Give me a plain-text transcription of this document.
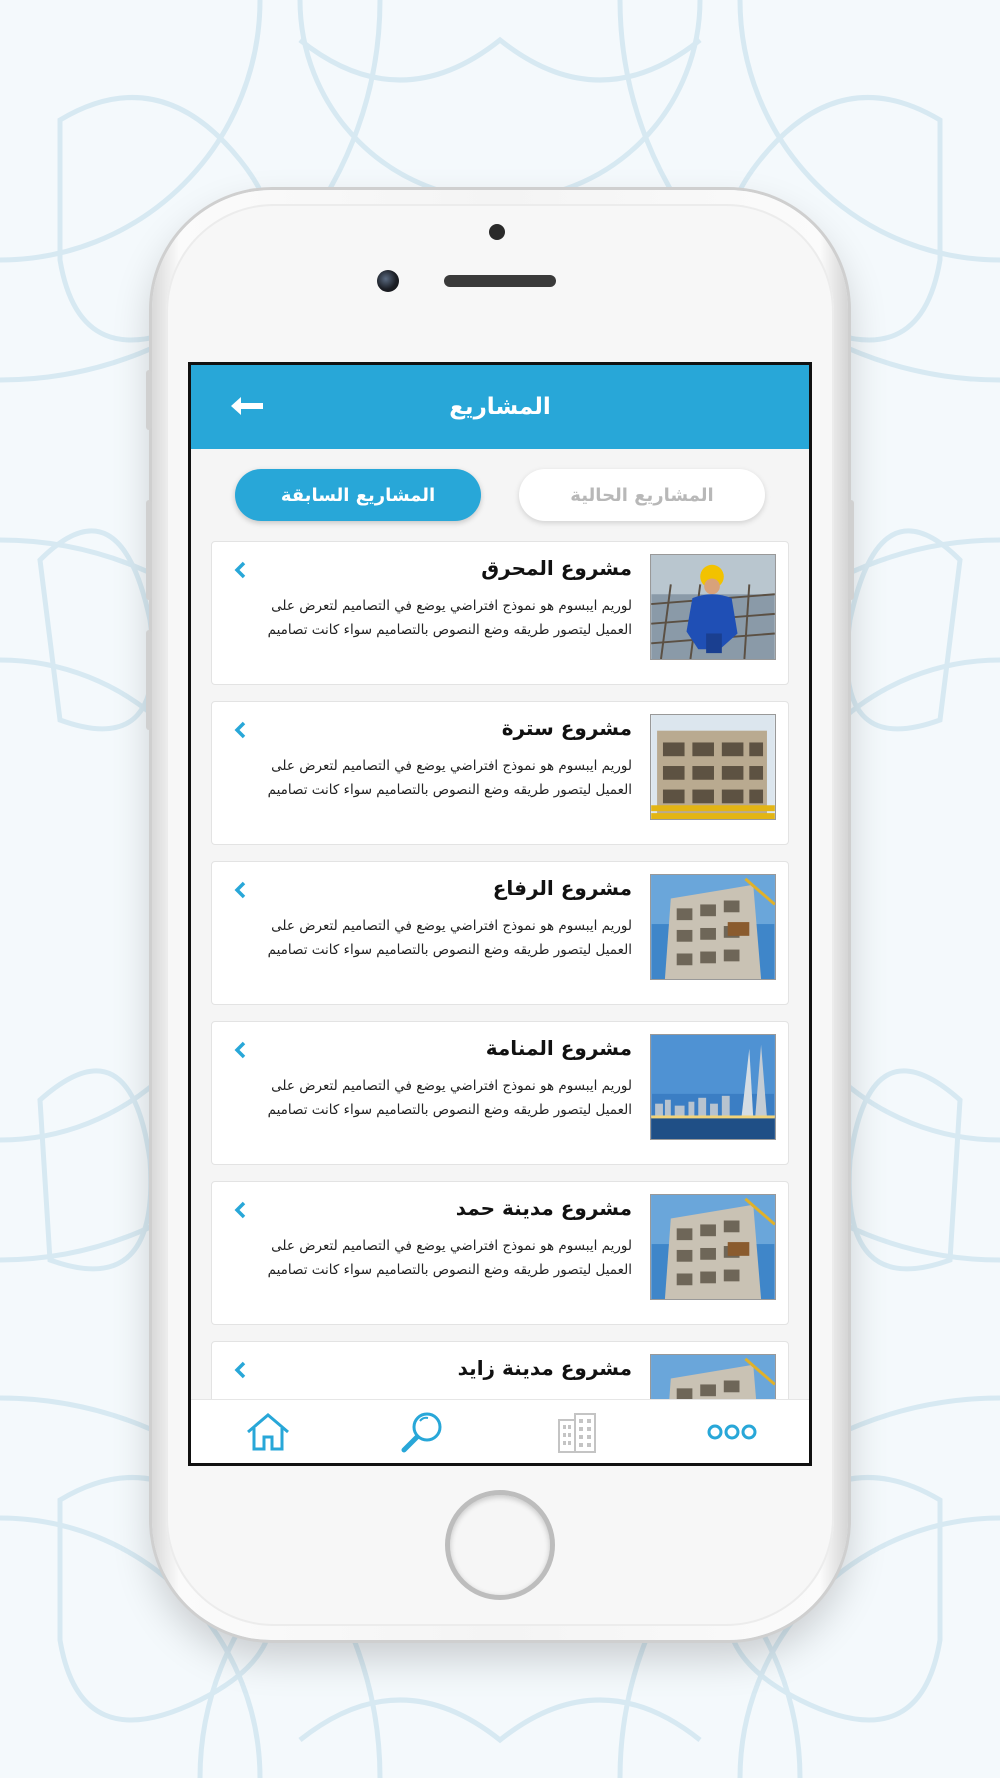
المشاريع
المشاريع الحالية
المشاريع السابقة
مشروع المحرق
لوريم ايبسوم هو نموذج افتراضي يوضع في التصاميم لتعرض على العميل ليتصور طريقه وضع النصوص بالتصاميم سواء كانت تصاميم
مشروع سترة
لوريم ايبسوم هو نموذج افتراضي يوضع في التصاميم لتعرض على العميل ليتصور طريقه وضع النصوص بالتصاميم سواء كانت تصاميم
مشروع الرفاع
لوريم ايبسوم هو نموذج افتراضي يوضع في التصاميم لتعرض على العميل ليتصور طريقه وضع النصوص بالتصاميم سواء كانت تصاميم
مشروع المنامة
لوريم ايبسوم هو نموذج افتراضي يوضع في التصاميم لتعرض على العميل ليتصور طريقه وضع النصوص بالتصاميم سواء كانت تصاميم
مشروع مدينة حمد
لوريم ايبسوم هو نموذج افتراضي يوضع في التصاميم لتعرض على العميل ليتصور طريقه وضع النصوص بالتصاميم سواء كانت تصاميم
مشروع مدينة زايد
